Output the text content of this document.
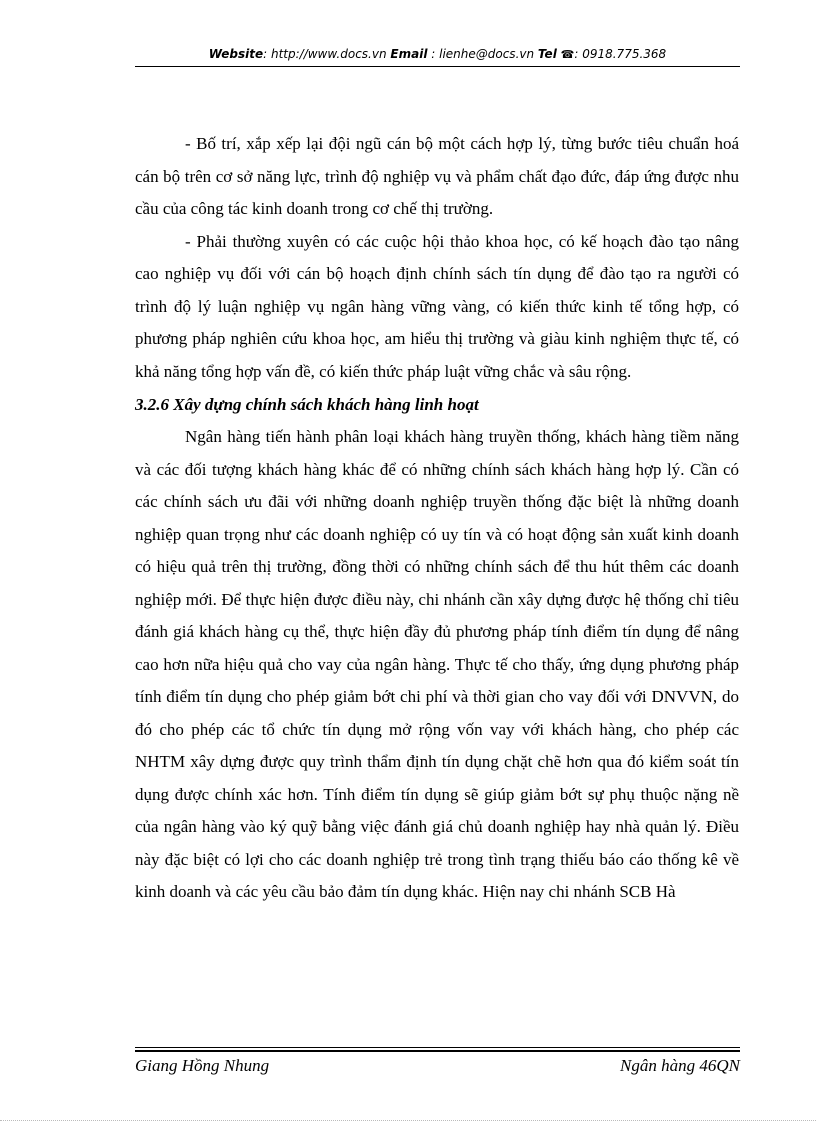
Website: http://www.docs.vn Email : lienhe@docs.vn Tel ☎: 0918.775.368

- Bố trí, xắp xếp lại đội ngũ cán bộ một cách hợp lý, từng bước tiêu chuẩn hoá cán bộ trên cơ sở năng lực, trình độ nghiệp vụ và phẩm chất đạo đức, đáp ứng được nhu cầu của công tác kinh doanh trong cơ chế thị trường.

- Phải thường xuyên có các cuộc hội thảo khoa học, có kế hoạch đào tạo nâng cao nghiệp vụ đối với cán bộ hoạch định chính sách tín dụng để đào tạo ra người có trình độ lý luận nghiệp vụ ngân hàng vững vàng, có kiến thức kinh tế tổng hợp, có phương pháp nghiên cứu khoa học, am hiểu thị trường và giàu kinh nghiệm thực tế, có khả năng tổng hợp vấn đề, có kiến thức pháp luật vững chắc và sâu rộng.

3.2.6 Xây dựng chính sách khách hàng linh hoạt

Ngân hàng tiến hành phân loại khách hàng truyền thống, khách hàng tiềm năng và các đối tượng khách hàng khác để có những chính sách khách hàng hợp lý. Cần có các chính sách ưu đãi với những doanh nghiệp truyền thống đặc biệt là những doanh nghiệp quan trọng như các doanh nghiệp có uy tín và có hoạt động sản xuất kinh doanh có hiệu quả trên thị trường, đồng thời có những chính sách để thu hút thêm các doanh nghiệp mới. Để thực hiện được điều này, chi nhánh cần xây dựng được hệ thống chỉ tiêu đánh giá khách hàng cụ thể, thực hiện đầy đủ phương pháp tính điểm tín dụng để nâng cao hơn nữa hiệu quả cho vay của ngân hàng. Thực tế cho thấy, ứng dụng phương pháp tính điểm tín dụng cho phép giảm bớt chi phí và thời gian cho vay đối với DNVVN, do đó cho phép các tổ chức tín dụng mở rộng vốn vay với khách hàng, cho phép các NHTM xây dựng được quy trình thẩm định tín dụng chặt chẽ hơn qua đó kiểm soát tín dụng được chính xác hơn. Tính điểm tín dụng sẽ giúp giảm bớt sự phụ thuộc nặng nề của ngân hàng vào ký quỹ bằng việc đánh giá chủ doanh nghiệp hay nhà quản lý. Điều này đặc biệt có lợi cho các doanh nghiệp trẻ trong tình trạng thiếu báo cáo thống kê về kinh doanh và các yêu cầu bảo đảm tín dụng khác. Hiện nay chi nhánh SCB Hà

Giang Hồng Nhung	Ngân hàng 46QN
